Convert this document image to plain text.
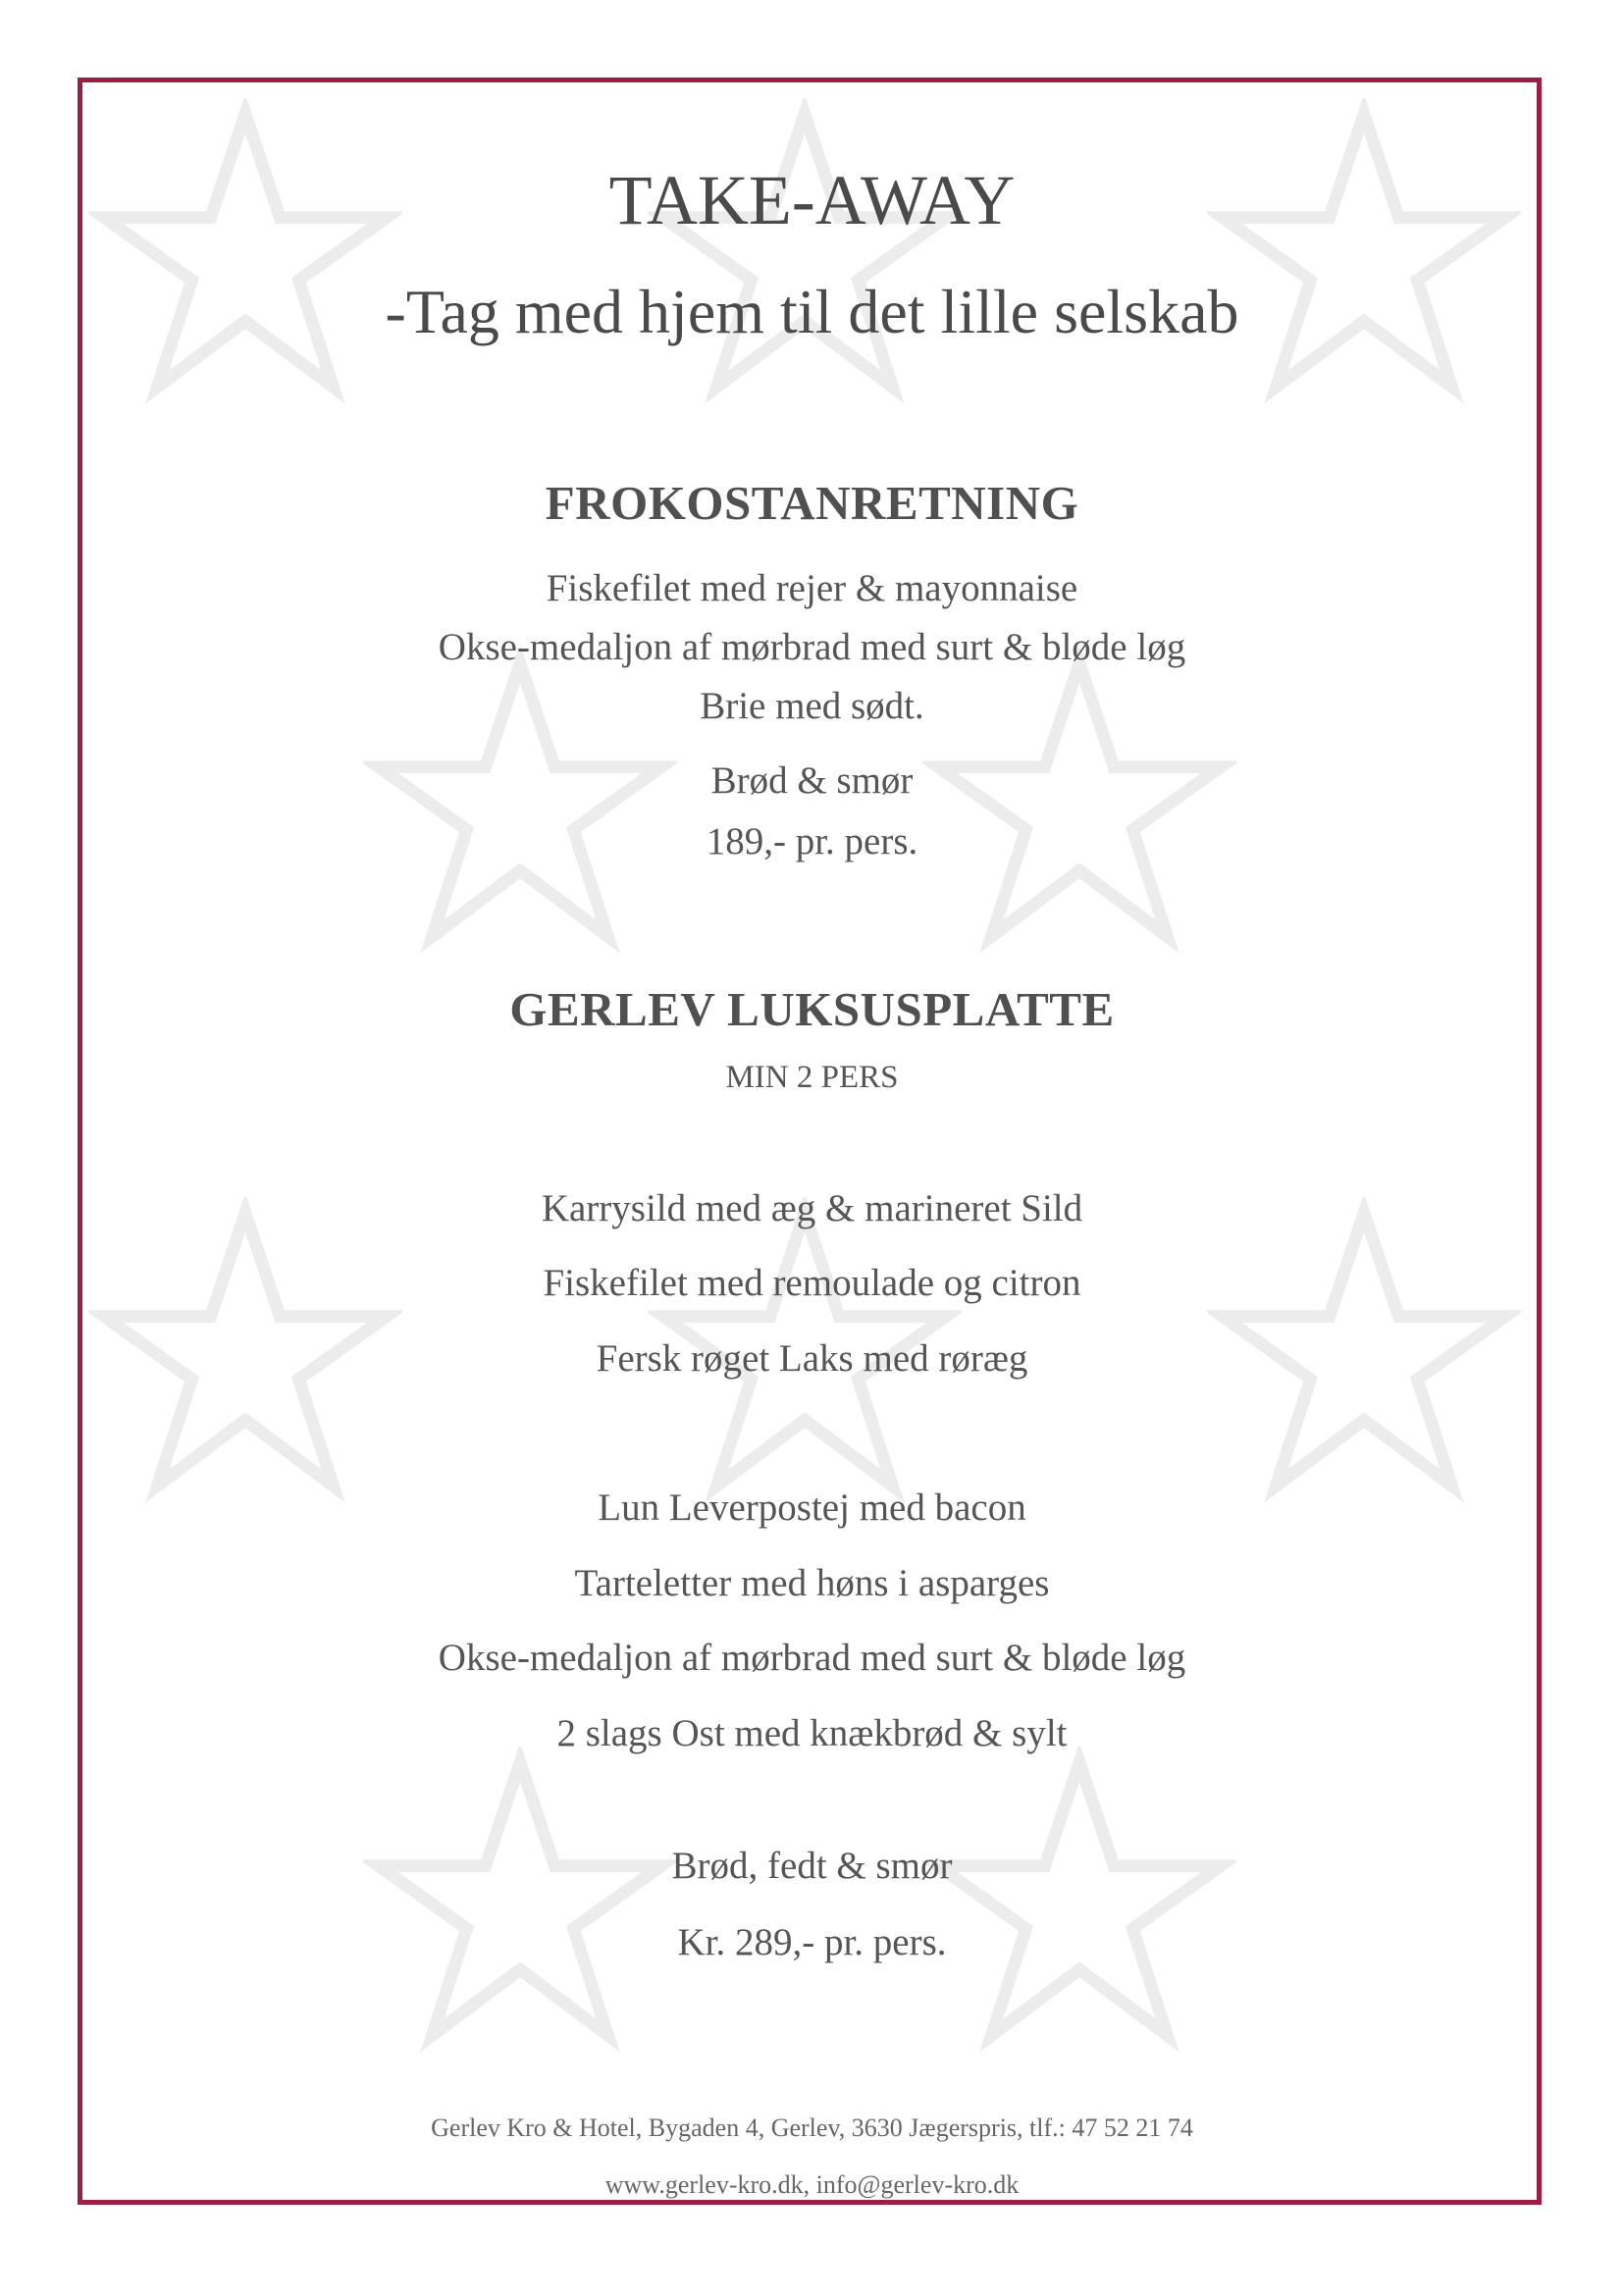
TAKE-AWAY
-Tag med hjem til det lille selskab
FROKOSTANRETNING
Fiskefilet med rejer & mayonnaise
Okse-medaljon af mørbrad med surt & bløde løg
Brie med sødt.
Brød & smør
189,- pr. pers.
GERLEV LUKSUSPLATTE
MIN 2 PERS
Karrysild med æg & marineret Sild
Fiskefilet med remoulade og citron
Fersk røget Laks med røræg
Lun Leverpostej med bacon
Tarteletter med høns i asparges
Okse-medaljon af mørbrad med surt & bløde løg
2 slags Ost med knækbrød & sylt
Brød, fedt & smør
Kr. 289,- pr. pers.
Gerlev Kro & Hotel, Bygaden 4, Gerlev, 3630 Jægerspris, tlf.: 47 52 21 74
www.gerlev-kro.dk, info@gerlev-kro.dk
